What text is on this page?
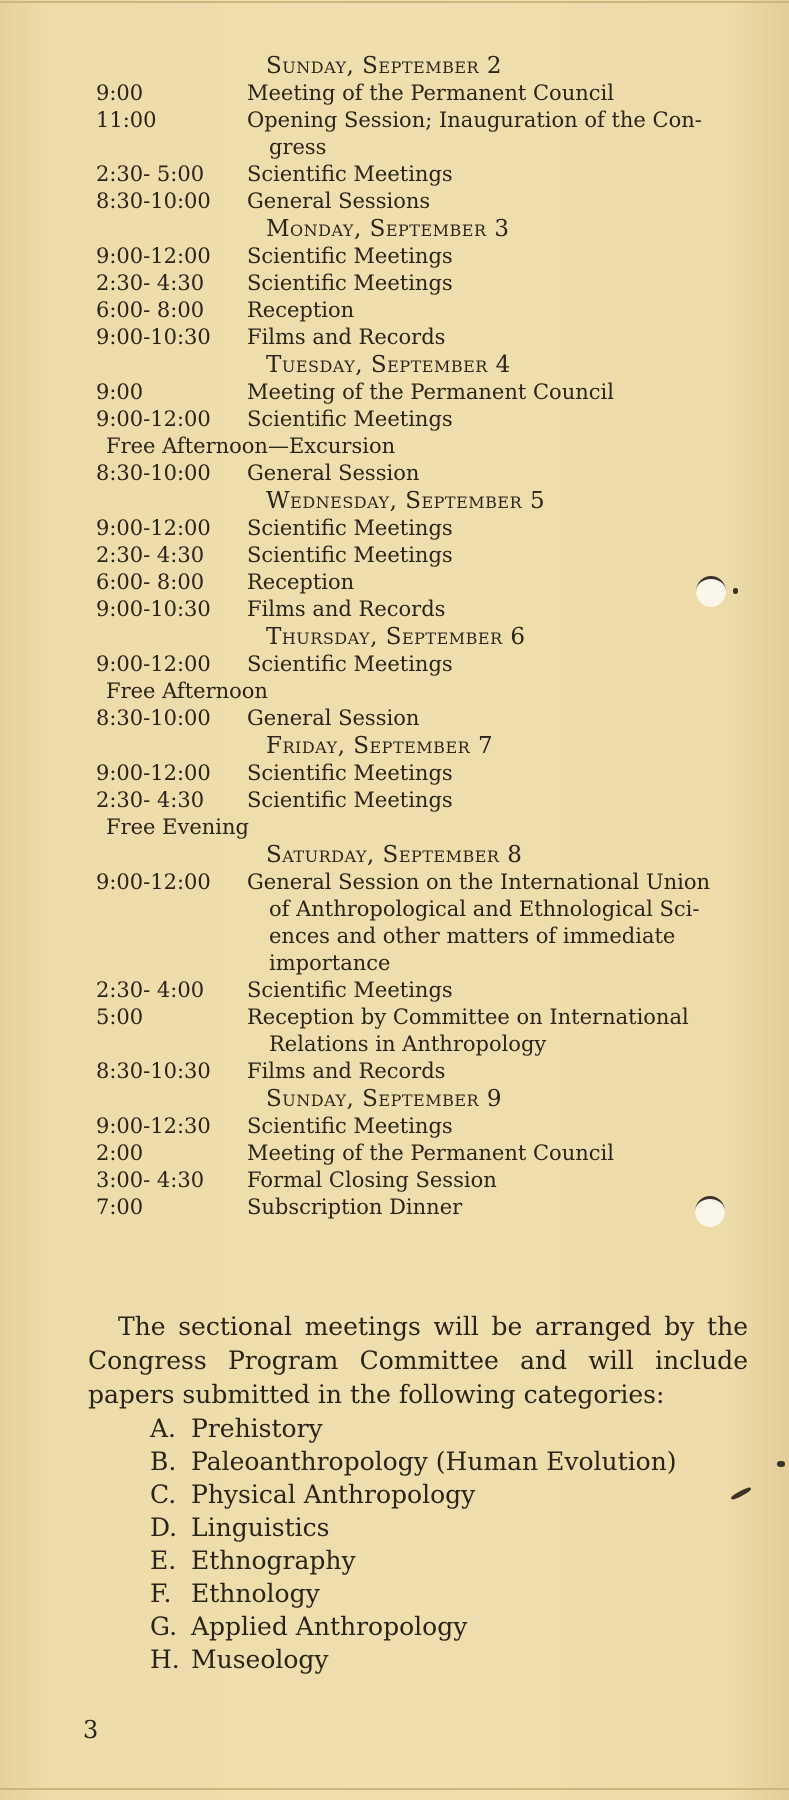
Sunday, September 2
9:00	Meeting of the Permanent Council
11:00	Opening Session; Inauguration of the Con-
gress
2:30- 5:00	Scientific Meetings
8:30-10:00	General Sessions
Monday, September 3
9:00-12:00	Scientific Meetings
2:30- 4:30	Scientific Meetings
6:00- 8:00	Reception
9:00-10:30	Films and Records
Tuesday, September 4
9:00	Meeting of the Permanent Council
9:00-12:00	Scientific Meetings
Free Afternoon—Excursion
8:30-10:00	General Session
Wednesday, September 5
9:00-12:00	Scientific Meetings
2:30- 4:30	Scientific Meetings
6:00- 8:00	Reception
9:00-10:30	Films and Records
Thursday, September 6
9:00-12:00	Scientific Meetings
Free Afternoon
8:30-10:00	General Session
Friday, September 7
9:00-12:00	Scientific Meetings
2:30- 4:30	Scientific Meetings
Free Evening
Saturday, September 8
9:00-12:00	General Session on the International Union
of Anthropological and Ethnological Sci-
ences and other matters of immediate
importance
2:30- 4:00	Scientific Meetings
5:00	Reception by Committee on International
Relations in Anthropology
8:30-10:30	Films and Records
Sunday, September 9
9:00-12:30	Scientific Meetings
2:00	Meeting of the Permanent Council
3:00- 4:30	Formal Closing Session
7:00	Subscription Dinner
The sectional meetings will be arranged by the Congress Program Committee and will include papers submitted in the following categories:
A. Prehistory
B. Paleoanthropology (Human Evolution)
C. Physical Anthropology
D. Linguistics
E. Ethnography
F. Ethnology
G. Applied Anthropology
H. Museology
3
